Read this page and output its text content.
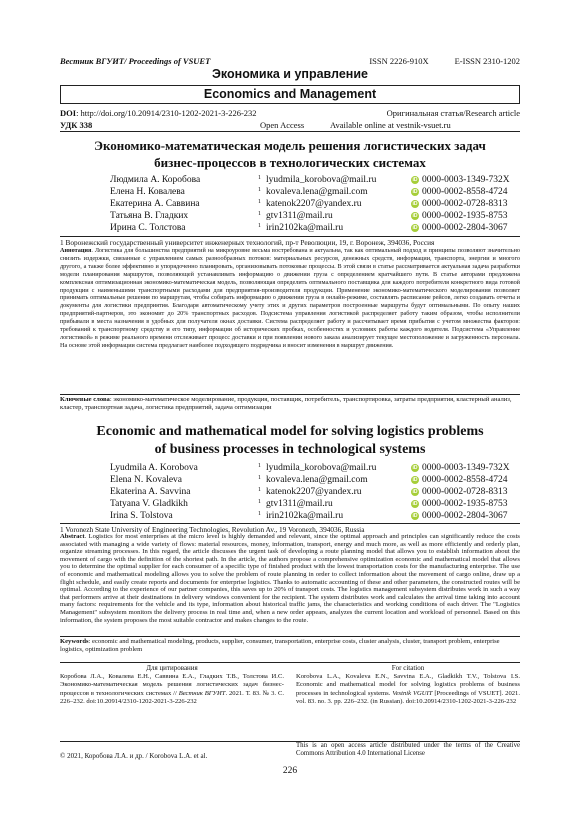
Вестник ВГУИТ/ Proceedings of VSUET	ISSN 2226-910X	E-ISSN 2310-1202
Экономика и управление
Economics and Management
DOI: http://doi.org/10.20914/2310-1202-2021-3-226-232	Оригинальная статья/Research article
УДК 338	Open Access	Available online at vestnik-vsuet.ru
Экономико-математическая модель решения логистических задач
бизнес-процессов в технологических системах
Людмила А. Коробова	1 lyudmila_korobova@mail.ru	iD 0000-0003-1349-732X
Елена Н. Ковалева	1 kovaleva.lena@gmail.com	iD 0000-0002-8558-4724
Екатерина А. Саввина	1 katenok2207@yandex.ru	iD 0000-0002-0728-8313
Татьяна В. Гладких	1 gtv1311@mail.ru	iD 0000-0002-1935-8753
Ирина С. Толстова	1 irin2102ka@mail.ru	iD 0000-0002-2804-3067
1 Воронежский государственный университет инженерных технологий, пр-т Революции, 19, г. Воронеж, 394036, Россия
Аннотация. Логистика для большинства предприятий на микроуровне весьма востребована и актуальна, так как оптимальный подход и принципы позволяют значительно снизить издержки, связанные с управлением самых разнообразных потоков: материальных ресурсов, денежных средств, информации, транспорта, энергии и многого другого, а также более эффективно и упорядоченно планировать, организовывать потоковые процессы. В этой связи в статье рассматривается актуальная задача разработки модели планирования маршрутов, позволяющей устанавливать информацию о движении груза с определением кратчайшего пути. В статье авторами предложена комплексная оптимизационная экономико-математическая модель, позволяющая определить оптимального поставщика для каждого потребителя конкретного вида готовой продукции с наименьшими транспортными расходами для предприятия-производителя продукции. Применение экономико-математического моделирования позволяет принимать оптимальные решения по маршрутам, чтобы собирать информацию о движении груза в онлайн-режиме, составлять расписание рейсов, легко создавать отчеты и документы для логистики предприятия. Благодаря автоматическому учету этих и других параметров построенные маршруты будут оптимальными. По опыту наших предприятий-партнеров, это экономит до 20% транспортных расходов. Подсистема управления логистикой распределяет работу таким образом, чтобы исполнители прибывали в места назначения в удобных для получателя окнах доставки. Система распределяет работу и рассчитывает время прибытия с учетом множества факторов: требований к транспортному средству и его типу, информации об исторических пробках, особенностях и условиях работы каждого водителя. Подсистема «Управление логистикой» в режиме реального времени отслеживает процесс доставки и при появлении нового заказа анализирует текущее местоположение и загруженность персонала. На основе этой информации система предлагает наиболее подходящего подрядчика и вносит изменения в маршрут движения.
Ключевые слова: экономико-математическое моделирование, продукция, поставщик, потребитель, транспортировка, затраты предприятия, кластерный анализ, кластер, транспортная задача, логистика предприятий, задача оптимизации
Economic and mathematical model for solving logistics problems
of business processes in technological systems
Lyudmila A. Korobova	1 lyudmila_korobova@mail.ru	iD 0000-0003-1349-732X
Elena N. Kovaleva	1 kovaleva.lena@gmail.com	iD 0000-0002-8558-4724
Ekaterina A. Savvina	1 katenok2207@yandex.ru	iD 0000-0002-0728-8313
Tatyana V. Gladkikh	1 gtv1311@mail.ru	iD 0000-0002-1935-8753
Irina S. Tolstova	1 irin2102ka@mail.ru	iD 0000-0002-2804-3067
1 Voronezh State University of Engineering Technologies, Revolution Av., 19 Voronezh, 394036, Russia
Abstract. Logistics for most enterprises at the micro level is highly demanded and relevant, since the optimal approach and principles can significantly reduce the costs associated with managing a wide variety of flows: material resources, money, information, transport, energy and much more, as well as more efficiently and orderly plan, organize streaming processes. In this regard, the article discusses the urgent task of developing a route planning model that allows you to establish information about the movement of cargo with the definition of the shortest path. In the article, the authors propose a comprehensive optimization economic and mathematical model that allows you to determine the optimal supplier for each consumer of a specific type of finished product with the lowest transportation costs for the manufacturing enterprise. The use of economic and mathematical modeling allows you to solve the problem of route planning in order to collect information about the movement of cargo online, draw up a flight schedule, and easily create reports and documents for enterprise logistics. Thanks to automatic accounting of these and other parameters, the constructed routes will be optimal. According to the experience of our partner companies, this saves up to 20% of transport costs. The logistics management subsystem distributes work in such a way that performers arrive at their destinations in delivery windows convenient for the recipient. The system distributes work and calculates the arrival time taking into account many factors: requirements for the vehicle and its type, information about historical traffic jams, the characteristics and working conditions of each driver. The "Logistics Management" subsystem monitors the delivery process in real time and, when a new order appears, analyzes the current location and workload of personnel. Based on this information, the system proposes the most suitable contractor and makes changes to the route.
Keywords: economic and mathematical modeling, products, supplier, consumer, transportation, enterprise costs, cluster analysis, cluster, transport problem, enterprise logistics, optimization problem
Для цитирования
Коробова Л.А., Ковалева Е.Н., Саввина Е.А., Гладких Т.В., Толстова И.С. Экономико-математическая модель решения логистических задач бизнес-процессов в технологических системах // Вестник ВГУИТ. 2021. Т. 83. № 3. С. 226–232. doi:10.20914/2310-1202-2021-3-226-232
For citation
Korobova L.A., Kovaleva E.N., Savvina E.A., Gladkikh T.V., Tolstova I.S. Economic and mathematical model for solving logistics problems of business processes in technological systems. Vestnik VGUIT [Proceedings of VSUET]. 2021. vol. 83. no. 3. pp. 226–232. (in Russian). doi:10.20914/2310-1202-2021-3-226-232
© 2021, Коробова Л.А. и др. / Korobova L.A. et al.
This is an open access article distributed under the terms of the Creative Commons Attribution 4.0 International License
226
